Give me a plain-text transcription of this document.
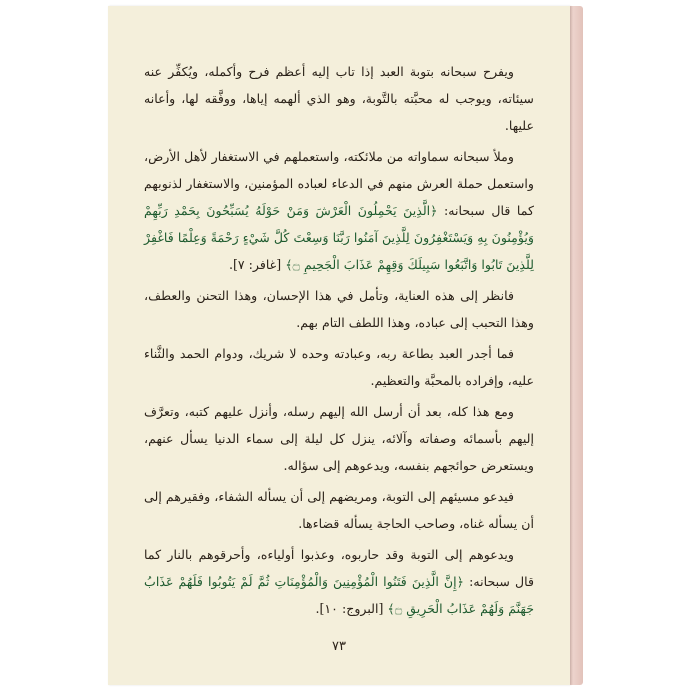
ويفرح سبحانه بتوبة العبد إذا تاب إليه أعظم فرح وأكمله، ويُكفِّر عنه سيئاته، ويوجب له محبَّته بالتَّوبة، وهو الذي ألهمه إياها، ووفَّقه لها، وأعانه عليها.

وملأ سبحانه سماواته من ملائكته، واستعملهم في الاستغفار لأهل الأرض، واستعمل حملة العرش منهم في الدعاء لعباده المؤمنين، والاستغفار لذنوبهم كما قال سبحانه: ﴿الَّذِينَ يَحْمِلُونَ الْعَرْشَ وَمَنْ حَوْلَهُ يُسَبِّحُونَ بِحَمْدِ رَبِّهِمْ وَيُؤْمِنُونَ بِهِ وَيَسْتَغْفِرُونَ لِلَّذِينَ آمَنُوا رَبَّنَا وَسِعْتَ كُلَّ شَيْءٍ رَحْمَةً وَعِلْمًا فَاغْفِرْ لِلَّذِينَ تَابُوا وَاتَّبَعُوا سَبِيلَكَ وَقِهِمْ عَذَابَ الْجَحِيمِ ۝﴾ [غافر: ٧].

فانظر إلى هذه العناية، وتأمل في هذا الإحسان، وهذا التحنن والعطف، وهذا التحبب إلى عباده، وهذا اللطف التام بهم.

فما أجدر العبد بطاعة ربه، وعبادته وحده لا شريك، ودوام الحمد والثَّناء عليه، وإفراده بالمحبَّة والتعظيم.

ومع هذا كله، بعد أن أرسل الله إليهم رسله، وأنزل عليهم كتبه، وتعرَّف إليهم بأسمائه وصفاته وآلائه، ينزل كل ليلة إلى سماء الدنيا يسأل عنهم، ويستعرض حوائجهم بنفسه، ويدعوهم إلى سؤاله.

فيدعو مسيئهم إلى التوبة، ومريضهم إلى أن يسأله الشفاء، وفقيرهم إلى أن يسأله غناه، وصاحب الحاجة يسأله قضاءها.

ويدعوهم إلى التوبة وقد حاربوه، وعذبوا أولياءه، وأحرقوهم بالنار كما قال سبحانه: ﴿إِنَّ الَّذِينَ فَتَنُوا الْمُؤْمِنِينَ وَالْمُؤْمِنَاتِ ثُمَّ لَمْ يَتُوبُوا فَلَهُمْ عَذَابُ جَهَنَّمَ وَلَهُمْ عَذَابُ الْحَرِيقِ ۝﴾ [البروج: ١٠].

٧٣
